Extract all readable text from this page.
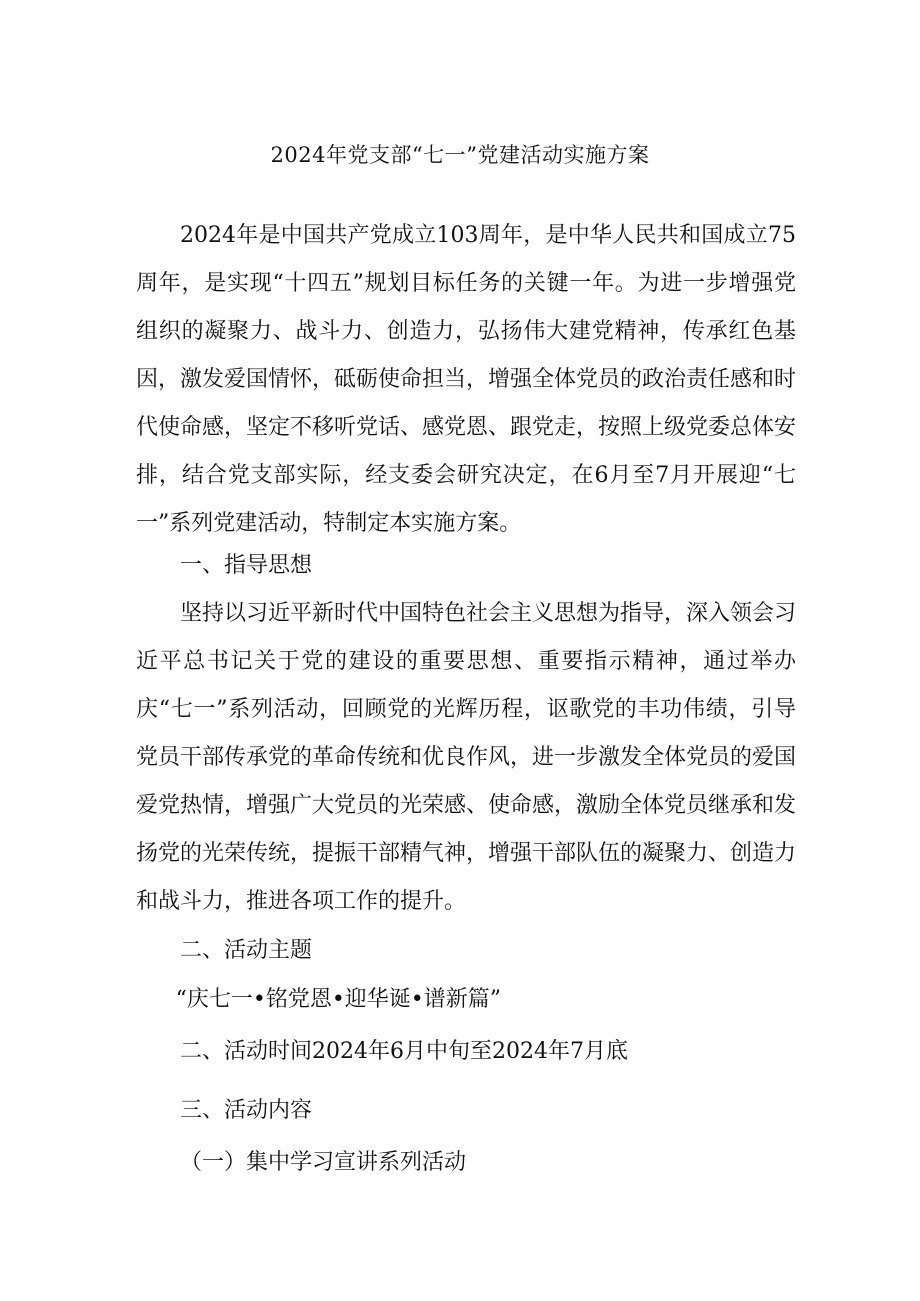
2024年党支部“七一”党建活动实施方案

2024年是中国共产党成立103周年，是中华人民共和国成立75周年，是实现“十四五”规划目标任务的关键一年。为进一步增强党组织的凝聚力、战斗力、创造力，弘扬伟大建党精神，传承红色基因，激发爱国情怀，砥砺使命担当，增强全体党员的政治责任感和时代使命感，坚定不移听党话、感党恩、跟党走，按照上级党委总体安排，结合党支部实际，经支委会研究决定，在6月至7月开展迎“七一”系列党建活动，特制定本实施方案。

一、指导思想

坚持以习近平新时代中国特色社会主义思想为指导，深入领会习近平总书记关于党的建设的重要思想、重要指示精神，通过举办庆“七一”系列活动，回顾党的光辉历程，讴歌党的丰功伟绩，引导党员干部传承党的革命传统和优良作风，进一步激发全体党员的爱国爱党热情，增强广大党员的光荣感、使命感，激励全体党员继承和发扬党的光荣传统，提振干部精气神，增强干部队伍的凝聚力、创造力和战斗力，推进各项工作的提升。

二、活动主题

“庆七一•铭党恩•迎华诞•谱新篇”

二、活动时间2024年6月中旬至2024年7月底

三、活动内容

（一）集中学习宣讲系列活动
